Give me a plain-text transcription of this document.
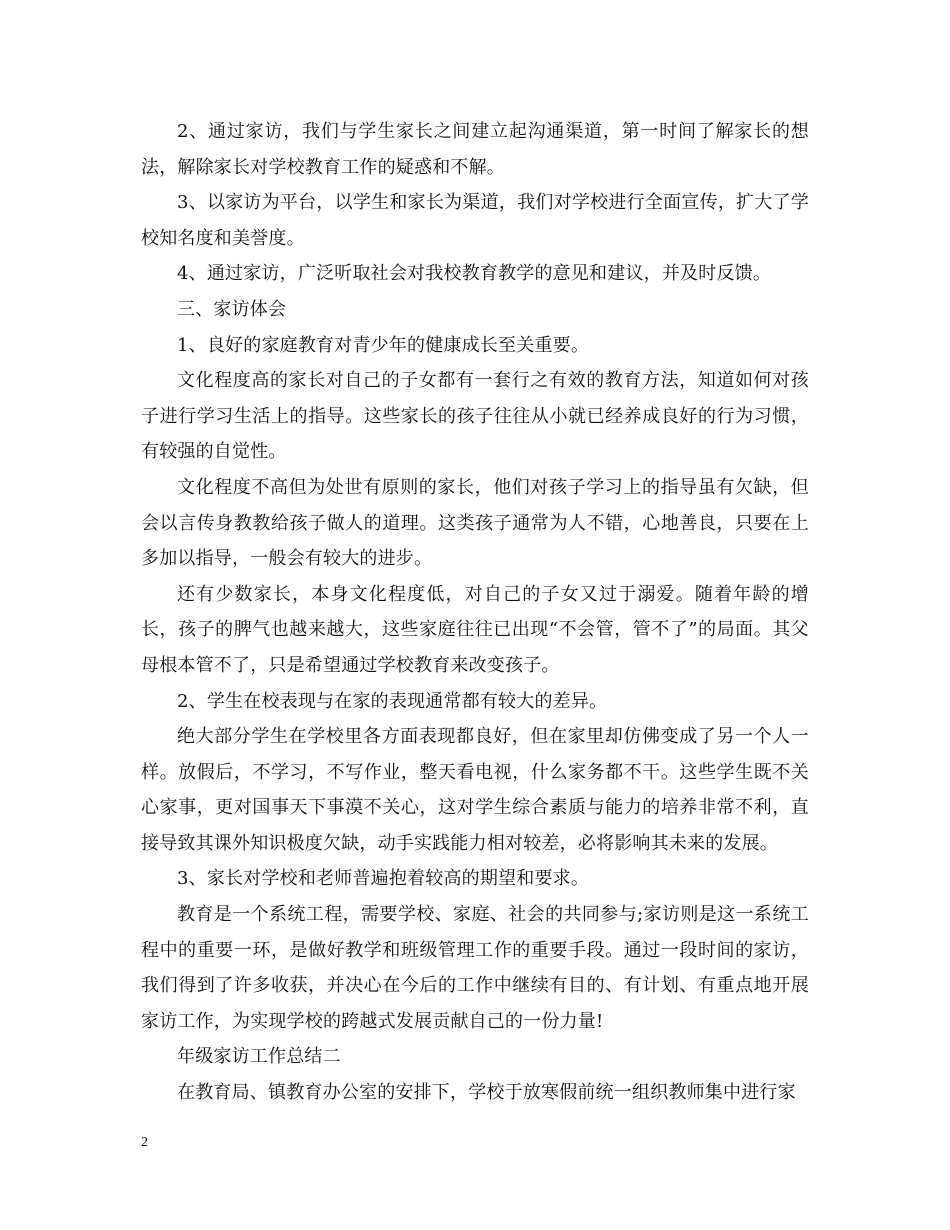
2、通过家访，我们与学生家长之间建立起沟通渠道，第一时间了解家长的想法，解除家长对学校教育工作的疑惑和不解。

3、以家访为平台，以学生和家长为渠道，我们对学校进行全面宣传，扩大了学校知名度和美誉度。

4、通过家访，广泛听取社会对我校教育教学的意见和建议，并及时反馈。

三、家访体会

1、良好的家庭教育对青少年的健康成长至关重要。

文化程度高的家长对自己的子女都有一套行之有效的教育方法，知道如何对孩子进行学习生活上的指导。这些家长的孩子往往从小就已经养成良好的行为习惯，有较强的自觉性。

文化程度不高但为处世有原则的家长，他们对孩子学习上的指导虽有欠缺，但会以言传身教教给孩子做人的道理。这类孩子通常为人不错，心地善良，只要在上多加以指导，一般会有较大的进步。

还有少数家长，本身文化程度低，对自己的子女又过于溺爱。随着年龄的增长，孩子的脾气也越来越大，这些家庭往往已出现“不会管，管不了”的局面。其父母根本管不了，只是希望通过学校教育来改变孩子。

2、学生在校表现与在家的表现通常都有较大的差异。

绝大部分学生在学校里各方面表现都良好，但在家里却仿佛变成了另一个人一样。放假后，不学习，不写作业，整天看电视，什么家务都不干。这些学生既不关心家事，更对国事天下事漠不关心，这对学生综合素质与能力的培养非常不利，直接导致其课外知识极度欠缺，动手实践能力相对较差，必将影响其未来的发展。

3、家长对学校和老师普遍抱着较高的期望和要求。

教育是一个系统工程，需要学校、家庭、社会的共同参与;家访则是这一系统工程中的重要一环，是做好教学和班级管理工作的重要手段。通过一段时间的家访，我们得到了许多收获，并决心在今后的工作中继续有目的、有计划、有重点地开展家访工作，为实现学校的跨越式发展贡献自己的一份力量!

年级家访工作总结二

在教育局、镇教育办公室的安排下，学校于放寒假前统一组织教师集中进行家

2
